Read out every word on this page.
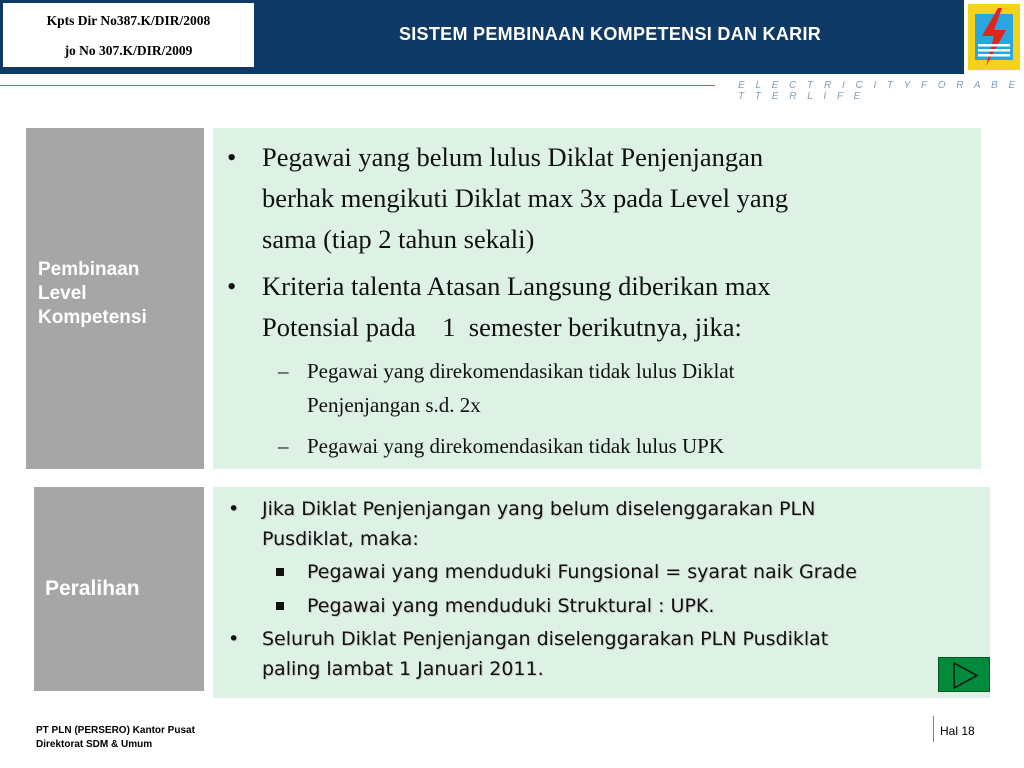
Kpts Dir No387.K/DIR/2008
jo No 307.K/DIR/2009
SISTEM PEMBINAAN KOMPETENSI DAN KARIR
E L E C T R I C I T Y F O R A B E T T E R L I F E
Pembinaan
Level
Kompetensi
• Pegawai yang belum lulus Diklat Penjenjangan
berhak mengikuti Diklat max 3x pada Level yang
sama (tiap 2 tahun sekali)
• Kriteria talenta Atasan Langsung diberikan max
Potensial pada    1  semester berikutnya, jika:
– Pegawai yang direkomendasikan tidak lulus Diklat
Penjenjangan s.d. 2x
– Pegawai yang direkomendasikan tidak lulus UPK
Peralihan
• Jika Diklat Penjenjangan yang belum diselenggarakan PLN
Pusdiklat, maka:
Pegawai yang menduduki Fungsional = syarat naik Grade
Pegawai yang menduduki Struktural : UPK.
• Seluruh Diklat Penjenjangan diselenggarakan PLN Pusdiklat
paling lambat 1 Januari 2011.
PT PLN (PERSERO) Kantor Pusat
Direktorat SDM & Umum
Hal 18
